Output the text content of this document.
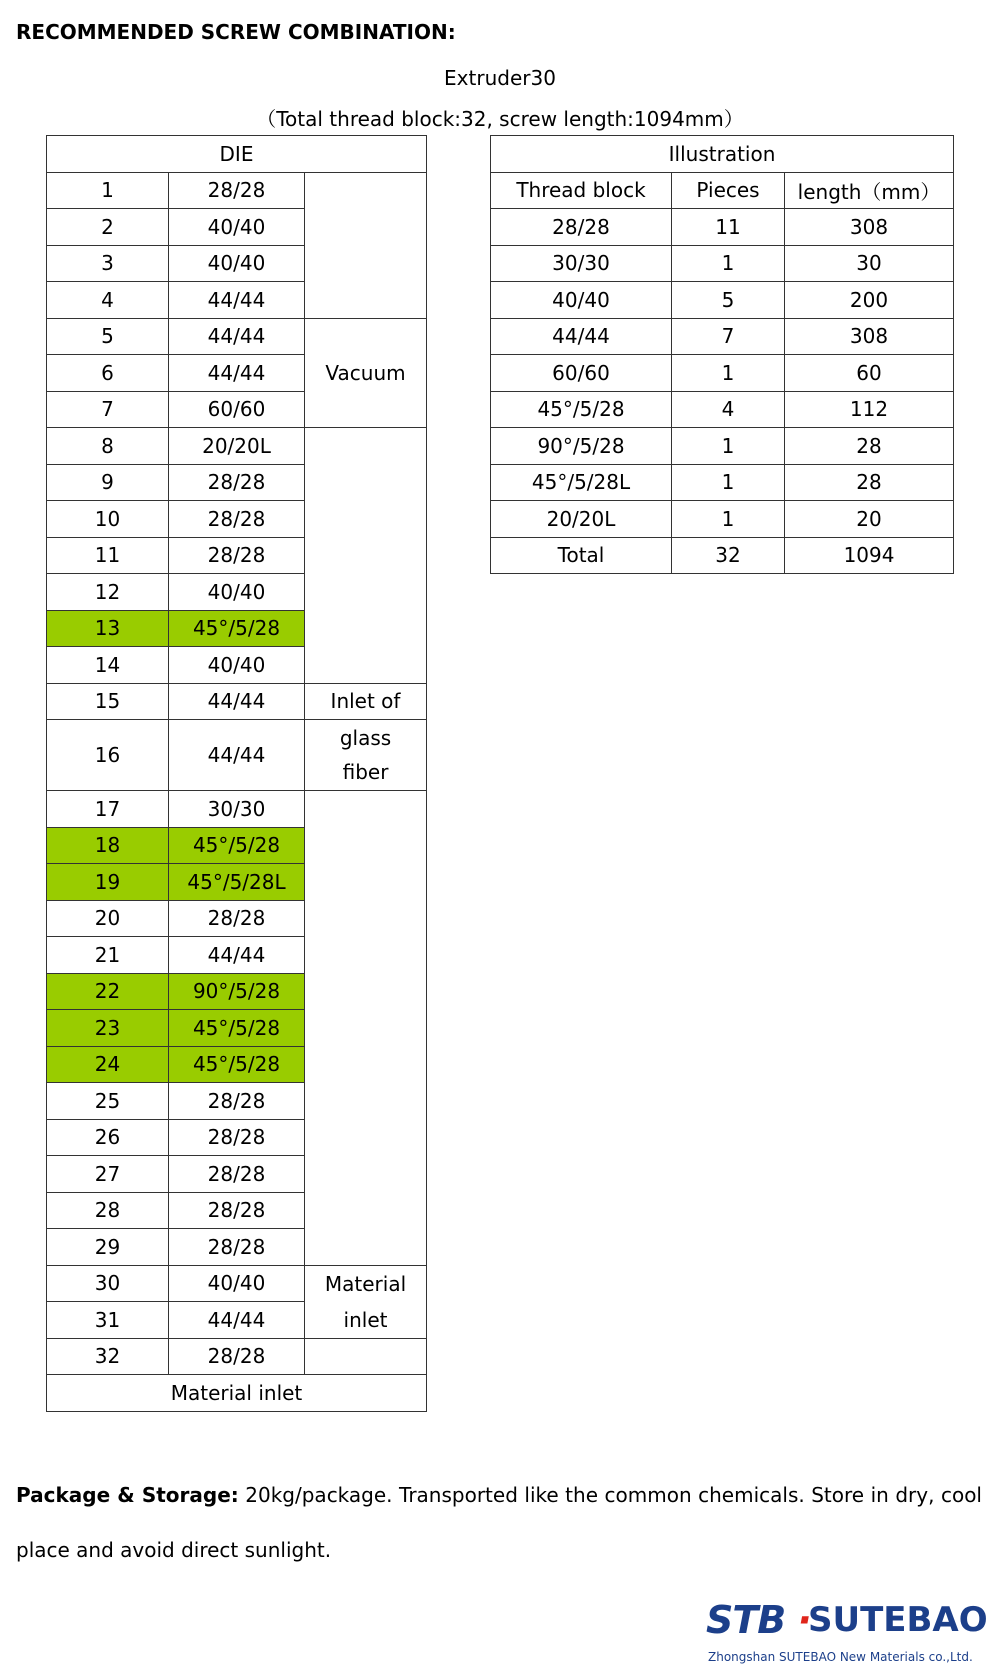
RECOMMENDED SCREW COMBINATION:
Extruder30
（Total thread block:32, screw length:1094mm）
DIE		
1	28/28	
2	40/40	
3	40/40	
4	44/44	
5	44/44	Vacuum
6	44/44	
7	60/60	
8	20/20L	
9	28/28	
10	28/28	
11	28/28	
12	40/40	
13	45°/5/28	
14	40/40	
15	44/44	Inlet of
16	44/44	glass
fiber
17	30/30	
18	45°/5/28	
19	45°/5/28L	
20	28/28	
21	44/44	
22	90°/5/28	
23	45°/5/28	
24	45°/5/28	
25	28/28	
26	28/28	
27	28/28	
28	28/28	
29	28/28	
30	40/40	Material
inlet
31	44/44	
32	28/28	
Material inlet		
Illustration		
Thread block	Pieces	length（mm）
28/28	11	308
30/30	1	30
40/40	5	200
44/44	7	308
60/60	1	60
45°/5/28	4	112
90°/5/28	1	28
45°/5/28L	1	28
20/20L	1	20
Total	32	1094
Package & Storage: 20kg/package. Transported like the common chemicals. Store in dry, cool place and avoid direct sunlight.
STB ·
SUTEBAO
Zhongshan SUTEBAO New Materials co.,Ltd.
